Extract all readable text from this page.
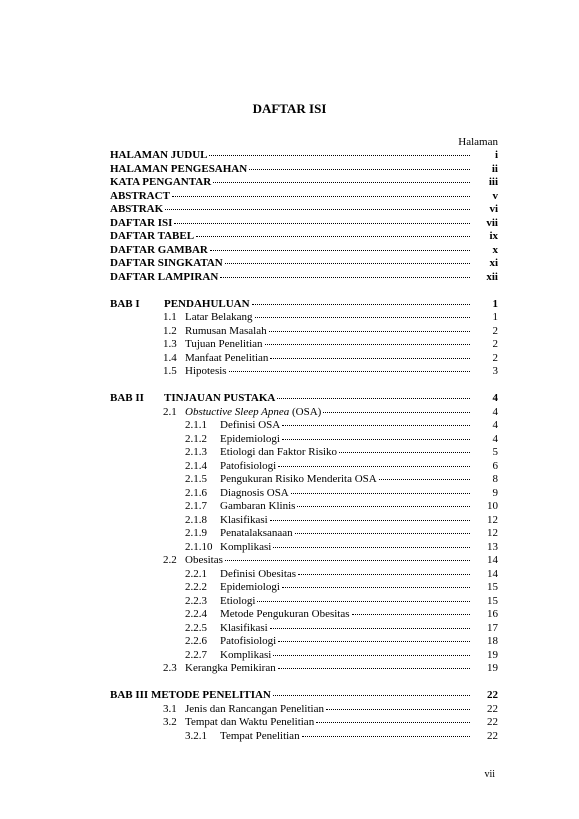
DAFTAR ISI
Halaman
HALAMAN JUDUL	i
HALAMAN PENGESAHAN	ii
KATA PENGANTAR	iii
ABSTRACT	v
ABSTRAK	vi
DAFTAR ISI	vii
DAFTAR TABEL	ix
DAFTAR GAMBAR	x
DAFTAR SINGKATAN	xi
DAFTAR LAMPIRAN	xii
BAB I	PENDAHULUAN	1
1.1 Latar Belakang	1
1.2 Rumusan Masalah	2
1.3 Tujuan Penelitian	2
1.4 Manfaat Penelitian	2
1.5 Hipotesis	3
BAB II	TINJAUAN PUSTAKA	4
2.1 Obstuctive Sleep Apnea (OSA)	4
2.1.1	Definisi OSA	4
2.1.2	Epidemiologi	4
2.1.3	Etiologi dan Faktor Risiko	5
2.1.4	Patofisiologi	6
2.1.5	Pengukuran Risiko Menderita OSA	8
2.1.6	Diagnosis OSA	9
2.1.7	Gambaran Klinis	10
2.1.8	Klasifikasi	12
2.1.9	Penatalaksanaan	12
2.1.10 Komplikasi	13
2.2 Obesitas	14
2.2.1	Definisi Obesitas	14
2.2.2	Epidemiologi	15
2.2.3	Etiologi	15
2.2.4	Metode Pengukuran Obesitas	16
2.2.5	Klasifikasi	17
2.2.6	Patofisiologi	18
2.2.7	Komplikasi	19
2.3 Kerangka Pemikiran	19
BAB III METODE PENELITIAN	22
3.1 Jenis dan Rancangan Penelitian	22
3.2 Tempat dan Waktu Penelitian	22
3.2.1	Tempat Penelitian	22
vii
